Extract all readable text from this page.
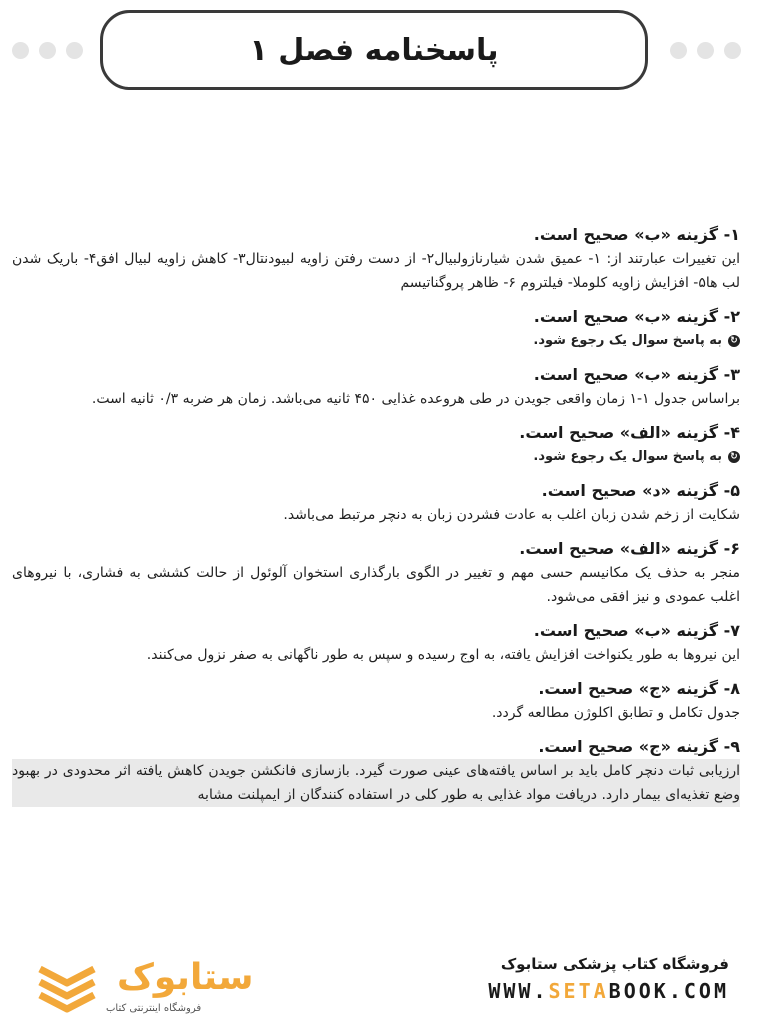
پاسخنامه فصل ۱
۱- گزینه «ب» صحیح است.
این تغییرات عبارتند از: ۱- عمیق شدن شیارنازولبیال۲- از دست رفتن زاویه لبیودنتال۳- کاهش زاویه لبیال افق۴- باریک شدن لب ها۵- افزایش زاویه کلوملا- فیلتروم ۶- ظاهر پروگناتیسم
۲- گزینه «ب» صحیح است.
↻
به پاسخ سوال یک رجوع شود.
۳- گزینه «ب» صحیح است.
براساس جدول ۱-۱ زمان واقعی جویدن در طی هروعده غذایی ۴۵۰ ثانیه می‌باشد. زمان هر ضربه ۰/۳ ثانیه است.
۴- گزینه «الف» صحیح است.
↻
به پاسخ سوال یک رجوع شود.
۵- گزینه «د» صحیح است.
شکایت از زخم شدن زبان اغلب به عادت فشردن زبان به دنچر مرتبط می‌باشد.
۶- گزینه «الف» صحیح است.
منجر به حذف یک مکانیسم حسی مهم و تغییر در الگوی بارگذاری استخوان آلوئول از حالت کششی به فشاری، با نیروهای اغلب عمودی و نیز افقی می‌شود.
۷- گزینه «ب» صحیح است.
این نیروها به طور یکنواخت افزایش یافته، به اوج رسیده و سپس به طور ناگهانی به صفر نزول می‌کنند.
۸- گزینه «ج» صحیح است.
جدول تکامل و تطابق اکلوژن مطالعه گردد.
۹- گزینه «ج» صحیح است.
ارزیابی ثبات دنچر کامل باید بر اساس یافته‌های عینی صورت گیرد. بازسازی فانکشن جویدن کاهش یافته اثر محدودی در بهبود وضع تغذیه‌ای بیمار دارد. دریافت مواد غذایی به طور کلی در استفاده کنندگان از ایمپلنت مشابه
ستابوک
فروشگاه اینترنتی کتاب
فروشگاه کتاب پزشکی ستابوک
WWW.SETABOOK.COM
